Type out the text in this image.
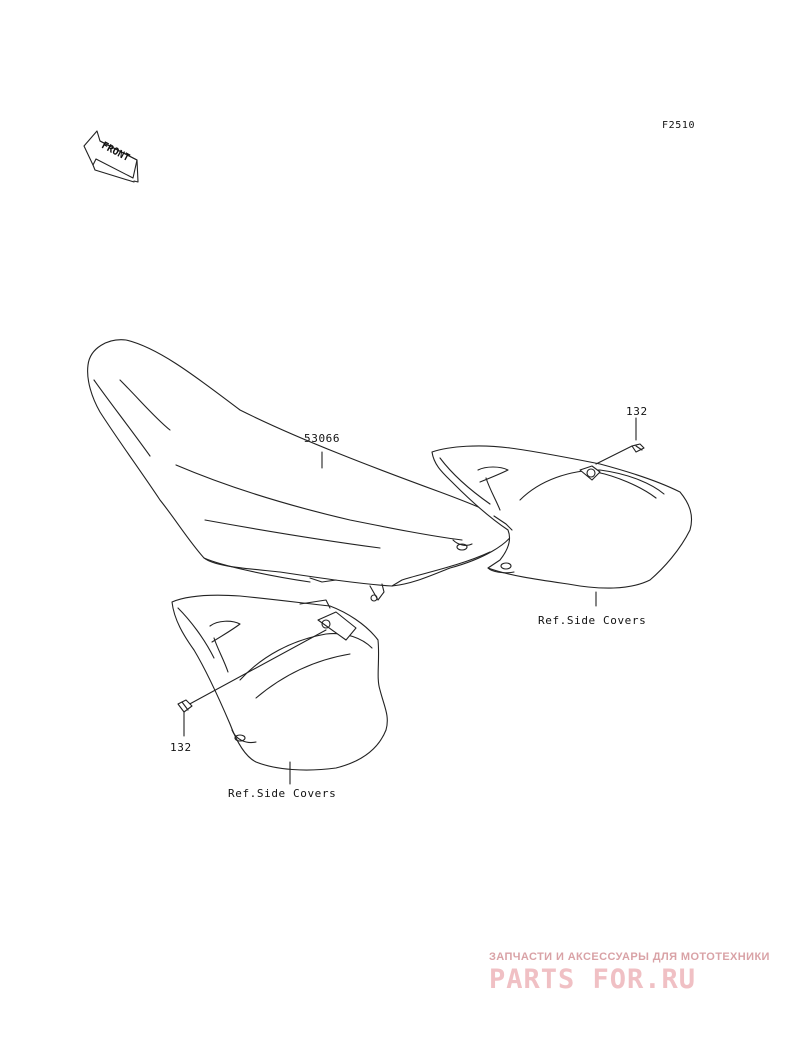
FRONT
F2510
53066
132
Ref.Side Covers
132
Ref.Side Covers
ЗАПЧАСТИ И АКСЕССУАРЫ ДЛЯ МОТОТЕХНИКИ
PARTS FOR.RU
